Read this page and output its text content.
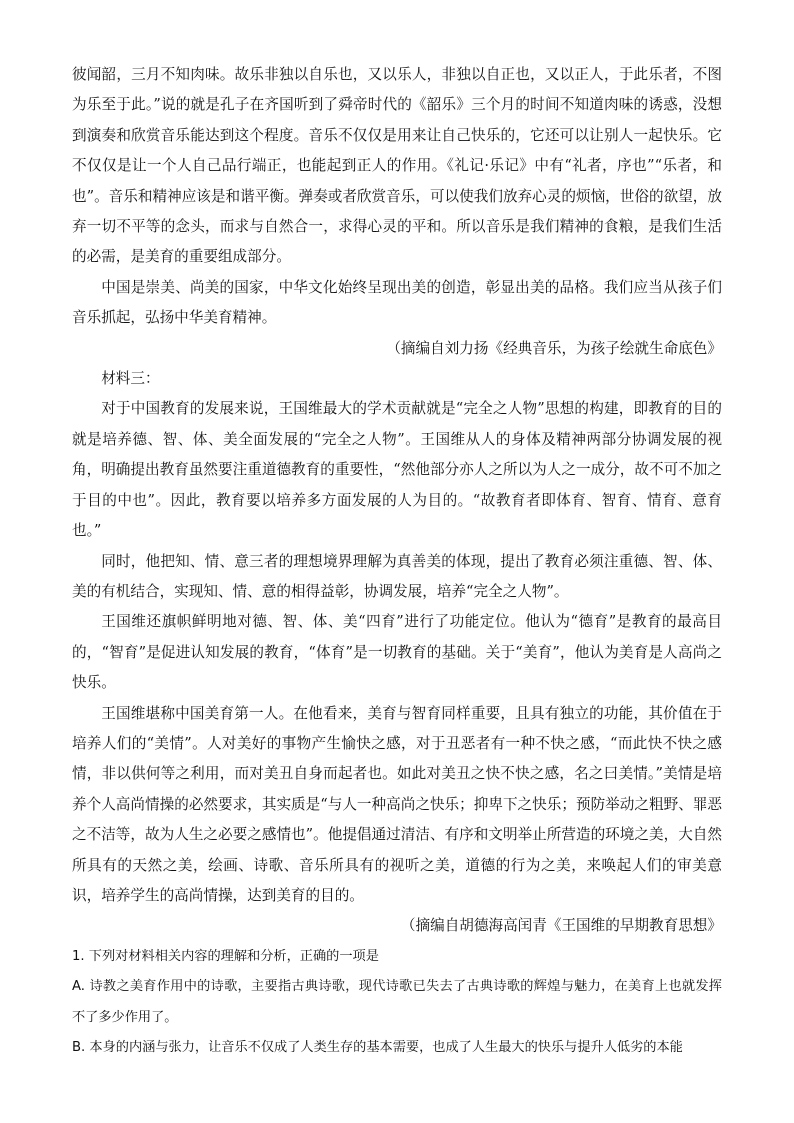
彼闻韶，三月不知肉味。故乐非独以自乐也，又以乐人，非独以自正也，又以正人，于此乐者，不图为乐至于此。”说的就是孔子在齐国听到了舜帝时代的《韶乐》三个月的时间不知道肉味的诱惑，没想到演奏和欣赏音乐能达到这个程度。音乐不仅仅是用来让自己快乐的，它还可以让别人一起快乐。它不仅仅是让一个人自己品行端正，也能起到正人的作用。《礼记·乐记》中有“礼者，序也”“乐者，和也”。音乐和精神应该是和谐平衡。弹奏或者欣赏音乐，可以使我们放弃心灵的烦恼，世俗的欲望，放弃一切不平等的念头，而求与自然合一，求得心灵的平和。所以音乐是我们精神的食粮，是我们生活的必需，是美育的重要组成部分。

中国是崇美、尚美的国家，中华文化始终呈现出美的创造，彰显出美的品格。我们应当从孩子们音乐抓起，弘扬中华美育精神。

（摘编自刘力扬《经典音乐，为孩子绘就生命底色》

材料三：

对于中国教育的发展来说，王国维最大的学术贡献就是“完全之人物”思想的构建，即教育的目的就是培养德、智、体、美全面发展的“完全之人物”。王国维从人的身体及精神两部分协调发展的视角，明确提出教育虽然要注重道德教育的重要性，“然他部分亦人之所以为人之一成分，故不可不加之于目的中也”。因此，教育要以培养多方面发展的人为目的。“故教育者即体育、智育、情育、意育也。”

同时，他把知、情、意三者的理想境界理解为真善美的体现，提出了教育必须注重德、智、体、美的有机结合，实现知、情、意的相得益彰，协调发展，培养“完全之人物”。

王国维还旗帜鲜明地对德、智、体、美“四育”进行了功能定位。他认为“德育”是教育的最高目的，“智育”是促进认知发展的教育，“体育”是一切教育的基础。关于“美育”，他认为美育是人高尚之快乐。

王国维堪称中国美育第一人。在他看来，美育与智育同样重要，且具有独立的功能，其价值在于培养人们的“美情”。人对美好的事物产生愉快之感，对于丑恶者有一种不快之感，“而此快不快之感情，非以供何等之利用，而对美丑自身而起者也。如此对美丑之快不快之感，名之曰美情。”美情是培养个人高尚情操的必然要求，其实质是“与人一种高尚之快乐；抑卑下之快乐；预防举动之粗野、罪恶之不洁等，故为人生之必要之感情也”。他提倡通过清洁、有序和文明举止所营造的环境之美，大自然所具有的天然之美，绘画、诗歌、音乐所具有的视听之美，道德的行为之美，来唤起人们的审美意识，培养学生的高尚情操，达到美育的目的。

（摘编自胡德海高闰青《王国维的早期教育思想》

1. 下列对材料相关内容的理解和分析，正确的一项是

A. 诗教之美育作用中的诗歌，主要指古典诗歌，现代诗歌已失去了古典诗歌的辉煌与魅力，在美育上也就发挥不了多少作用了。

B. 本身的内涵与张力，让音乐不仅成了人类生存的基本需要，也成了人生最大的快乐与提升人低劣的本能
